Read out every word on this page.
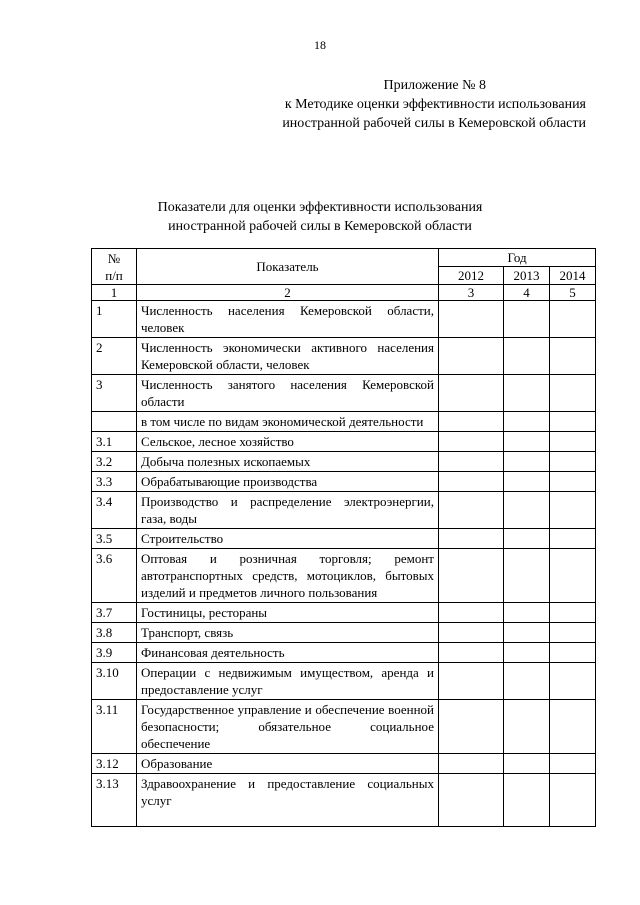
18
Приложение № 8
к Методике оценки эффективности использования
иностранной рабочей силы в Кемеровской области
Показатели для оценки эффективности использования
иностранной рабочей силы в Кемеровской области
№
п/п	Показатель	Год		
		2012	2013	2014
1	2	3	4	5
1	Численность населения Кемеровской области, человек			
2	Численность экономически активного населения Кемеровской области, человек			
3	Численность занятого населения Кемеровской области			
	в том числе по видам экономической деятельности			
3.1	Сельское, лесное хозяйство			
3.2	Добыча полезных ископаемых			
3.3	Обрабатывающие производства			
3.4	Производство и распределение электроэнергии, газа, воды			
3.5	Строительство			
3.6	Оптовая и розничная торговля; ремонт автотранспортных средств, мотоциклов, бытовых изделий и предметов личного пользования			
3.7	Гостиницы, рестораны			
3.8	Транспорт, связь			
3.9	Финансовая деятельность			
3.10	Операции с недвижимым имуществом, аренда и предоставление услуг			
3.11	Государственное управление и обеспечение военной безопасности; обязательное социальное обеспечение			
3.12	Образование			
3.13	Здравоохранение и предоставление социальных услуг			
